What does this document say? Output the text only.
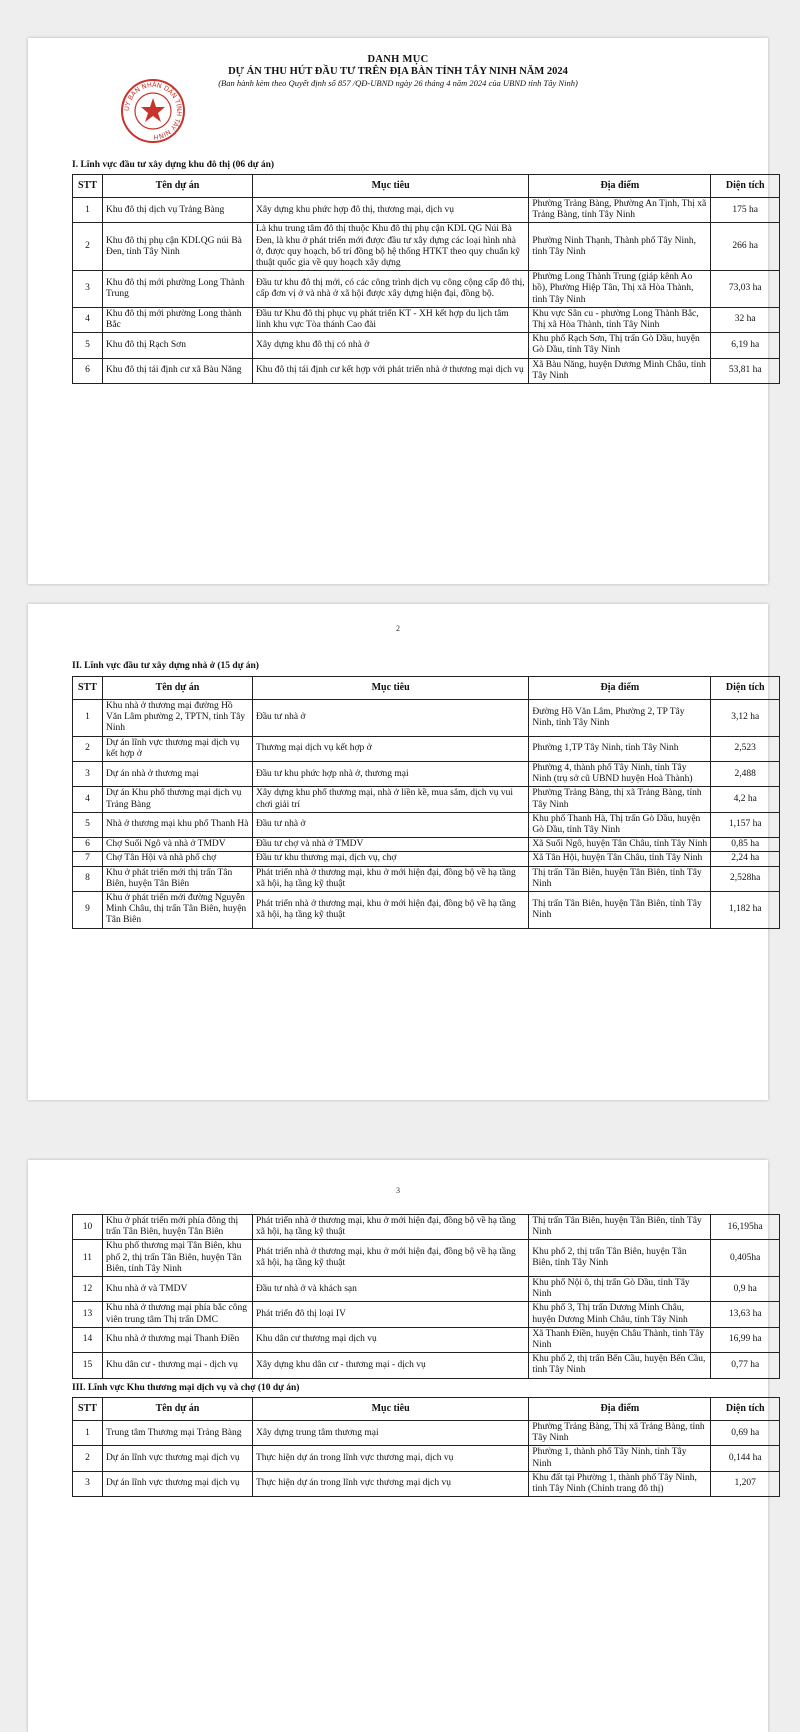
DANH MỤC
DỰ ÁN THU HÚT ĐẦU TƯ TRÊN ĐỊA BÀN TỈNH TÂY NINH NĂM 2024
(Ban hành kèm theo Quyết định số 857 /QĐ-UBND ngày 26 tháng 4 năm 2024 của UBND tỉnh Tây Ninh)
UỶ BAN NHÂN DÂN TỈNH TÂY NINH
I. Lĩnh vực đầu tư xây dựng khu đô thị (06 dự án)
STT	Tên dự án	Mục tiêu	Địa điểm	Diện tích
1	Khu đô thị dịch vụ Trảng Bàng	Xây dựng khu phức hợp đô thị, thương mại, dịch vụ	Phường Trảng Bàng, Phường An Tịnh, Thị xã Trảng Bàng, tỉnh Tây Ninh	175 ha
2	Khu đô thị phụ cận KDLQG núi Bà Đen, tỉnh Tây Ninh	Là khu trung tâm đô thị thuộc Khu đô thị phụ cận KDL QG Núi Bà Đen, là khu ở phát triển mới được đầu tư xây dựng các loại hình nhà ở, được quy hoạch, bố trí đồng bộ hệ thống HTKT theo quy chuẩn kỹ thuật quốc gia về quy hoạch xây dựng	Phường Ninh Thạnh, Thành phố Tây Ninh, tỉnh Tây Ninh	266 ha
3	Khu đô thị mới phường Long Thành Trung	Đầu tư khu đô thị mới, có các công trình dịch vụ công cộng cấp đô thị, cấp đơn vị ở và nhà ở xã hội được xây dựng hiện đại, đồng bộ.	Phường Long Thành Trung (giáp kênh Ao hồ), Phường Hiệp Tân, Thị xã Hòa Thành, tỉnh Tây Ninh	73,03 ha
4	Khu đô thị mới phường Long thành Bắc	Đầu tư Khu đô thị phục vụ phát triển KT - XH kết hợp du lịch tâm linh khu vực Tòa thánh Cao đài	Khu vực Sân cu - phường Long Thành Bắc, Thị xã Hòa Thành, tỉnh Tây Ninh	32 ha
5	Khu đô thị Rạch Sơn	Xây dựng khu đô thị có nhà ở	Khu phố Rạch Sơn, Thị trấn Gò Dầu, huyện Gò Dầu, tỉnh Tây Ninh	6,19 ha
6	Khu đô thị tái định cư xã Bàu Năng	Khu đô thị tái định cư kết hợp với phát triển nhà ở thương mại dịch vụ	Xã Bàu Năng, huyện Dương Minh Châu, tỉnh Tây Ninh	53,81 ha
2
II. Lĩnh vực đầu tư xây dựng nhà ở (15 dự án)
STT	Tên dự án	Mục tiêu	Địa điểm	Diện tích
1	Khu nhà ở thương mại đường Hồ Văn Lâm phường 2, TPTN, tỉnh Tây Ninh	Đầu tư nhà ở	Đường Hồ Văn Lâm, Phường 2, TP Tây Ninh, tỉnh Tây Ninh	3,12 ha
2	Dự án lĩnh vực thương mại dịch vụ kết hợp ở	Thương mại dịch vụ kết hợp ở	Phường 1,TP Tây Ninh, tỉnh Tây Ninh	2,523
3	Dự án nhà ở thương mại	Đầu tư khu phức hợp nhà ở, thương mại	Phường 4, thành phố Tây Ninh, tỉnh Tây Ninh (trụ sở cũ UBND huyện Hoà Thành)	2,488
4	Dự án Khu phố thương mại dịch vụ Trảng Bàng	Xây dựng khu phố thương mại, nhà ở liền kề, mua sắm, dịch vụ vui chơi giải trí	Phường Trảng Bàng, thị xã Trảng Bàng, tỉnh Tây Ninh	4,2 ha
5	Nhà ở thương mại khu phố Thanh Hà	Đầu tư nhà ở	Khu phố Thanh Hà, Thị trấn Gò Dầu, huyện Gò Dầu, tỉnh Tây Ninh	1,157 ha
6	Chợ Suối Ngô và nhà ở TMDV	Đầu tư chợ và nhà ở TMDV	Xã Suối Ngô, huyện Tân Châu, tỉnh Tây Ninh	0,85 ha
7	Chợ Tân Hội và nhà phố chợ	Đầu tư khu thương mại, dịch vụ, chợ	Xã Tân Hội, huyện Tân Châu, tỉnh Tây Ninh	2,24 ha
8	Khu ở phát triển mới thị trấn Tân Biên, huyện Tân Biên	Phát triển nhà ở thương mại, khu ở mới hiện đại, đồng bộ về hạ tầng xã hội, hạ tầng kỹ thuật	Thị trấn Tân Biên, huyện Tân Biên, tỉnh Tây Ninh	2,528ha
9	Khu ở phát triển mới đường Nguyễn Minh Châu, thị trấn Tân Biên, huyện Tân Biên	Phát triển nhà ở thương mại, khu ở mới hiện đại, đồng bộ về hạ tầng xã hội, hạ tầng kỹ thuật	Thị trấn Tân Biên, huyện Tân Biên, tỉnh Tây Ninh	1,182 ha
3
10	Khu ở phát triển mới phía đông thị trấn Tân Biên, huyện Tân Biên	Phát triển nhà ở thương mại, khu ở mới hiện đại, đồng bộ về hạ tầng xã hội, hạ tầng kỹ thuật	Thị trấn Tân Biên, huyện Tân Biên, tỉnh Tây Ninh	16,195ha
11	Khu phố thương mại Tân Biên, khu phố 2, thị trấn Tân Biên, huyện Tân Biên, tỉnh Tây Ninh	Phát triển nhà ở thương mại, khu ở mới hiện đại, đồng bộ về hạ tầng xã hội, hạ tầng kỹ thuật	Khu phố 2, thị trấn Tân Biên, huyện Tân Biên, tỉnh Tây Ninh	0,405ha
12	Khu nhà ở và TMDV	Đầu tư nhà ở và khách sạn	Khu phố Nội ô, thị trấn Gò Dầu, tỉnh Tây Ninh	0,9 ha
13	Khu nhà ở thương mại phía bắc công viên trung tâm Thị trấn DMC	Phát triển đô thị loại IV	Khu phố 3, Thị trấn Dương Minh Châu, huyện Dương Minh Châu, tỉnh Tây Ninh	13,63 ha
14	Khu nhà ở thương mại Thanh Điền	Khu dân cư thương mại dịch vụ	Xã Thanh Điền, huyện Châu Thành, tỉnh Tây Ninh	16,99 ha
15	Khu dân cư - thương mại - dịch vụ	Xây dựng khu dân cư - thương mại - dịch vụ	Khu phố 2, thị trấn Bến Cầu, huyện Bến Cầu, tỉnh Tây Ninh	0,77 ha
III. Lĩnh vực Khu thương mại dịch vụ và chợ (10 dự án)
STT	Tên dự án	Mục tiêu	Địa điểm	Diện tích
1	Trung tâm Thương mại Trảng Bàng	Xây dựng trung tâm thương mại	Phường Trảng Bàng, Thị xã Trảng Bàng, tỉnh Tây Ninh	0,69 ha
2	Dự án lĩnh vực thương mại dịch vụ	Thực hiện dự án trong lĩnh vực thương mại, dịch vụ	Phường 1, thành phố Tây Ninh, tỉnh Tây Ninh	0,144 ha
3	Dự án lĩnh vực thương mại dịch vụ	Thực hiện dự án trong lĩnh vực thương mại dịch vụ	Khu đất tại Phường 1, thành phố Tây Ninh, tỉnh Tây Ninh (Chỉnh trang đô thị)	1,207
